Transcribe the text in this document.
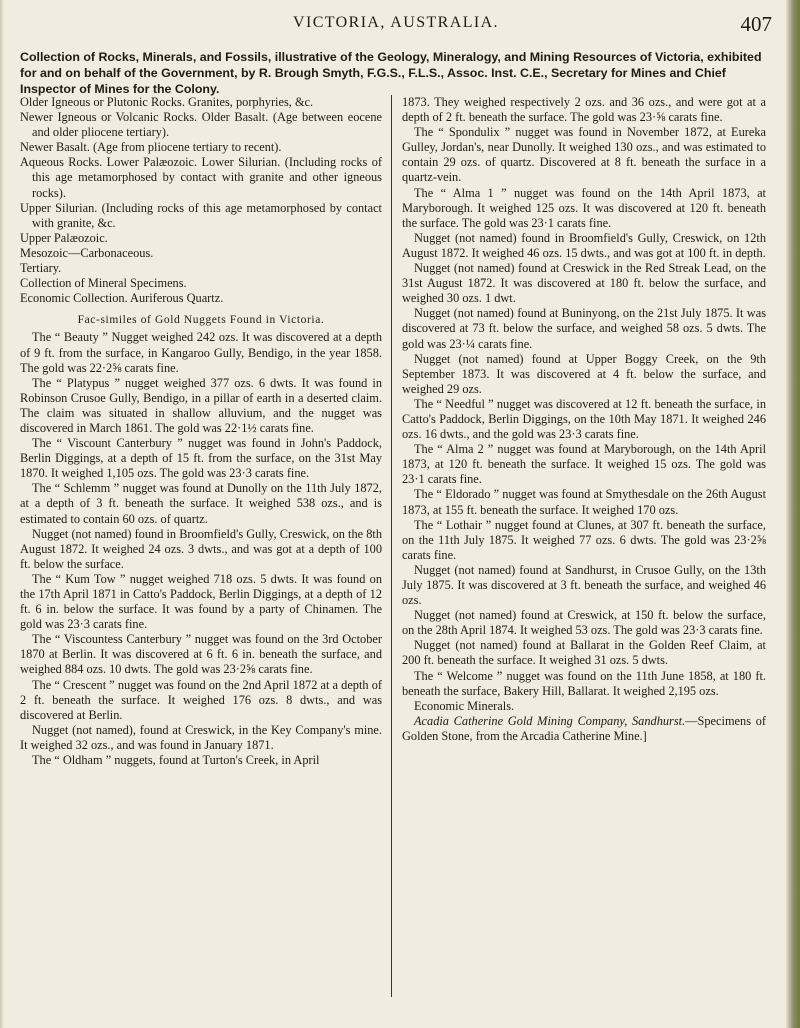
VICTORIA, AUSTRALIA.	407
Collection of Rocks, Minerals, and Fossils, illustrative of the Geology, Mineralogy, and Mining Resources of Victoria, exhibited for and on behalf of the Government, by R. Brough Smyth, F.G.S., F.L.S., Assoc. Inst. C.E., Secretary for Mines and Chief Inspector of Mines for the Colony.

Older Igneous or Plutonic Rocks. Granites, porphyries, &c.

Newer Igneous or Volcanic Rocks. Older Basalt. (Age between eocene and older pliocene tertiary).

Newer Basalt. (Age from pliocene tertiary to recent).

Aqueous Rocks. Lower Palæozoic. Lower Silurian. (Including rocks of this age metamorphosed by contact with granite and other igneous rocks).

Upper Silurian. (Including rocks of this age metamorphosed by contact with granite, &c.

Upper Palæozoic.

Mesozoic—Carbonaceous.

Tertiary.

Collection of Mineral Specimens.

Economic Collection. Auriferous Quartz.

Fac-similes of Gold Nuggets Found in Victoria.

The “ Beauty ” Nugget weighed 242 ozs. It was discovered at a depth of 9 ft. from the surface, in Kangaroo Gully, Bendigo, in the year 1858. The gold was 22·2⅝ carats fine.

The “ Platypus ” nugget weighed 377 ozs. 6 dwts. It was found in Robinson Crusoe Gully, Bendigo, in a pillar of earth in a deserted claim. The claim was situated in shallow alluvium, and the nugget was discovered in March 1861. The gold was 22·1½ carats fine.

The “ Viscount Canterbury ” nugget was found in John's Paddock, Berlin Diggings, at a depth of 15 ft. from the surface, on the 31st May 1870. It weighed 1,105 ozs. The gold was 23·3 carats fine.

The “ Schlemm ” nugget was found at Dunolly on the 11th July 1872, at a depth of 3 ft. beneath the surface. It weighed 538 ozs., and is estimated to contain 60 ozs. of quartz.

Nugget (not named) found in Broomfield's Gully, Creswick, on the 8th August 1872. It weighed 24 ozs. 3 dwts., and was got at a depth of 100 ft. below the surface.

The “ Kum Tow ” nugget weighed 718 ozs. 5 dwts. It was found on the 17th April 1871 in Catto's Paddock, Berlin Diggings, at a depth of 12 ft. 6 in. below the surface. It was found by a party of Chinamen. The gold was 23·3 carats fine.

The “ Viscountess Canterbury ” nugget was found on the 3rd October 1870 at Berlin. It was discovered at 6 ft. 6 in. beneath the surface, and weighed 884 ozs. 10 dwts. The gold was 23·2⅝ carats fine.

The “ Crescent ” nugget was found on the 2nd April 1872 at a depth of 2 ft. beneath the surface. It weighed 176 ozs. 8 dwts., and was discovered at Berlin.

Nugget (not named), found at Creswick, in the Key Company's mine. It weighed 32 ozs., and was found in January 1871.

The “ Oldham ” nuggets, found at Turton's Creek, in April

1873. They weighed respectively 2 ozs. and 36 ozs., and were got at a depth of 2 ft. beneath the surface. The gold was 23·⅝ carats fine.

The “ Spondulix ” nugget was found in November 1872, at Eureka Gulley, Jordan's, near Dunolly. It weighed 130 ozs., and was estimated to contain 29 ozs. of quartz. Discovered at 8 ft. beneath the surface in a quartz-vein.

The “ Alma 1 ” nugget was found on the 14th April 1873, at Maryborough. It weighed 125 ozs. It was discovered at 120 ft. beneath the surface. The gold was 23·1 carats fine.

Nugget (not named) found in Broomfield's Gully, Creswick, on 12th August 1872. It weighed 46 ozs. 15 dwts., and was got at 100 ft. in depth.

Nugget (not named) found at Creswick in the Red Streak Lead, on the 31st August 1872. It was discovered at 180 ft. below the surface, and weighed 30 ozs. 1 dwt.

Nugget (not named) found at Buninyong, on the 21st July 1875. It was discovered at 73 ft. below the surface, and weighed 58 ozs. 5 dwts. The gold was 23·¼ carats fine.

Nugget (not named) found at Upper Boggy Creek, on the 9th September 1873. It was discovered at 4 ft. below the surface, and weighed 29 ozs.

The “ Needful ” nugget was discovered at 12 ft. beneath the surface, in Catto's Paddock, Berlin Diggings, on the 10th May 1871. It weighed 246 ozs. 16 dwts., and the gold was 23·3 carats fine.

The “ Alma 2 ” nugget was found at Maryborough, on the 14th April 1873, at 120 ft. beneath the surface. It weighed 15 ozs. The gold was 23·1 carats fine.

The “ Eldorado ” nugget was found at Smythesdale on the 26th August 1873, at 155 ft. beneath the surface. It weighed 170 ozs.

The “ Lothair ” nugget found at Clunes, at 307 ft. beneath the surface, on the 11th July 1875. It weighed 77 ozs. 6 dwts. The gold was 23·2⅝ carats fine.

Nugget (not named) found at Sandhurst, in Crusoe Gully, on the 13th July 1875. It was discovered at 3 ft. beneath the surface, and weighed 46 ozs.

Nugget (not named) found at Creswick, at 150 ft. below the surface, on the 28th April 1874. It weighed 53 ozs. The gold was 23·3 carats fine.

Nugget (not named) found at Ballarat in the Golden Reef Claim, at 200 ft. beneath the surface. It weighed 31 ozs. 5 dwts.

The “ Welcome ” nugget was found on the 11th June 1858, at 180 ft. beneath the surface, Bakery Hill, Ballarat. It weighed 2,195 ozs.

Economic Minerals.

Acadia Catherine Gold Mining Company, Sandhurst.—Specimens of Golden Stone, from the Arcadia Catherine Mine.]
